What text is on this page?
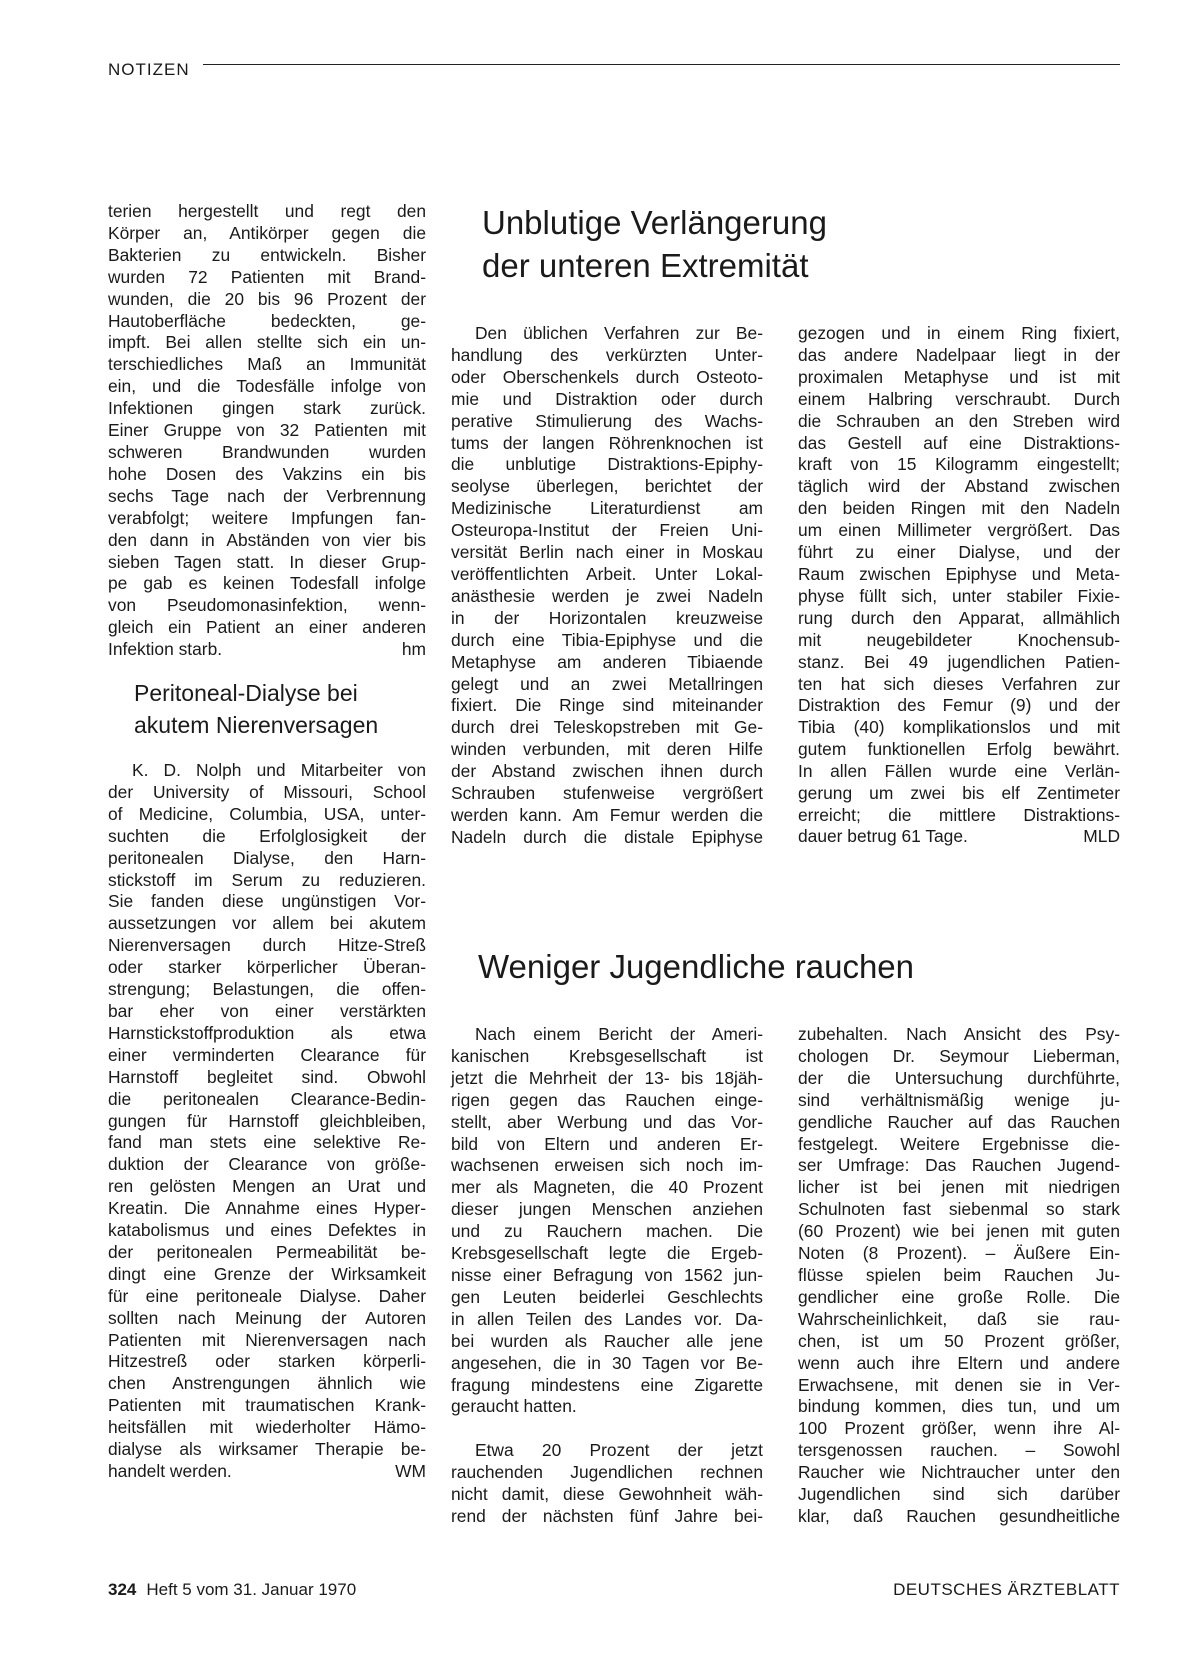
NOTIZEN

terien hergestellt und regt den

Körper an, Antikörper gegen die

Bakterien zu entwickeln. Bisher

wurden 72 Patienten mit Brand-

wunden, die 20 bis 96 Prozent der

Hautoberfläche bedeckten, ge-

impft. Bei allen stellte sich ein un-

terschiedliches Maß an Immunität

ein, und die Todesfälle infolge von

Infektionen gingen stark zurück.

Einer Gruppe von 32 Patienten mit

schweren Brandwunden wurden

hohe Dosen des Vakzins ein bis

sechs Tage nach der Verbrennung

verabfolgt; weitere Impfungen fan-

den dann in Abständen von vier bis

sieben Tagen statt. In dieser Grup-

pe gab es keinen Todesfall infolge

von Pseudomonasinfektion, wenn-

gleich ein Patient an einer anderen

Infektion starb.	hm
Peritoneal-Dialyse bei
akutem Nierenversagen

K. D. Nolph und Mitarbeiter von

der University of Missouri, School

of Medicine, Columbia, USA, unter-

suchten die Erfolglosigkeit der

peritonealen Dialyse, den Harn-

stickstoff im Serum zu reduzieren.

Sie fanden diese ungünstigen Vor-

aussetzungen vor allem bei akutem

Nierenversagen durch Hitze-Streß

oder starker körperlicher Überan-

strengung; Belastungen, die offen-

bar eher von einer verstärkten

Harnstickstoffproduktion als etwa

einer verminderten Clearance für

Harnstoff begleitet sind. Obwohl

die peritonealen Clearance-Bedin-

gungen für Harnstoff gleichbleiben,

fand man stets eine selektive Re-

duktion der Clearance von größe-

ren gelösten Mengen an Urat und

Kreatin. Die Annahme eines Hyper-

katabolismus und eines Defektes in

der peritonealen Permeabilität be-

dingt eine Grenze der Wirksamkeit

für eine peritoneale Dialyse. Daher

sollten nach Meinung der Autoren

Patienten mit Nierenversagen nach

Hitzestreß oder starken körperli-

chen Anstrengungen ähnlich wie

Patienten mit traumatischen Krank-

heitsfällen mit wiederholter Hämo-

dialyse als wirksamer Therapie be-

handelt werden.	WM
Unblutige Verlängerung
der unteren Extremität

Den üblichen Verfahren zur Be-

handlung des verkürzten Unter-

oder Oberschenkels durch Osteoto-

mie und Distraktion oder durch

perative Stimulierung des Wachs-

tums der langen Röhrenknochen ist

die unblutige Distraktions-Epiphy-

seolyse überlegen, berichtet der

Medizinische Literaturdienst am

Osteuropa-Institut der Freien Uni-

versität Berlin nach einer in Moskau

veröffentlichten Arbeit. Unter Lokal-

anästhesie werden je zwei Nadeln

in der Horizontalen kreuzweise

durch eine Tibia-Epiphyse und die

Metaphyse am anderen Tibiaende

gelegt und an zwei Metallringen

fixiert. Die Ringe sind miteinander

durch drei Teleskopstreben mit Ge-

winden verbunden, mit deren Hilfe

der Abstand zwischen ihnen durch

Schrauben stufenweise vergrößert

werden kann. Am Femur werden die

Nadeln durch die distale Epiphyse

gezogen und in einem Ring fixiert,

das andere Nadelpaar liegt in der

proximalen Metaphyse und ist mit

einem Halbring verschraubt. Durch

die Schrauben an den Streben wird

das Gestell auf eine Distraktions-

kraft von 15 Kilogramm eingestellt;

täglich wird der Abstand zwischen

den beiden Ringen mit den Nadeln

um einen Millimeter vergrößert. Das

führt zu einer Dialyse, und der

Raum zwischen Epiphyse und Meta-

physe füllt sich, unter stabiler Fixie-

rung durch den Apparat, allmählich

mit neugebildeter Knochensub-

stanz. Bei 49 jugendlichen Patien-

ten hat sich dieses Verfahren zur

Distraktion des Femur (9) und der

Tibia (40) komplikationslos und mit

gutem funktionellen Erfolg bewährt.

In allen Fällen wurde eine Verlän-

gerung um zwei bis elf Zentimeter

erreicht; die mittlere Distraktions-

dauer betrug 61 Tage.	MLD
Weniger Jugendliche rauchen

Nach einem Bericht der Ameri-

kanischen Krebsgesellschaft ist

jetzt die Mehrheit der 13- bis 18jäh-

rigen gegen das Rauchen einge-

stellt, aber Werbung und das Vor-

bild von Eltern und anderen Er-

wachsenen erweisen sich noch im-

mer als Magneten, die 40 Prozent

dieser jungen Menschen anziehen

und zu Rauchern machen. Die

Krebsgesellschaft legte die Ergeb-

nisse einer Befragung von 1562 jun-

gen Leuten beiderlei Geschlechts

in allen Teilen des Landes vor. Da-

bei wurden als Raucher alle jene

angesehen, die in 30 Tagen vor Be-

fragung mindestens eine Zigarette

geraucht hatten.

Etwa 20 Prozent der jetzt

rauchenden Jugendlichen rechnen

nicht damit, diese Gewohnheit wäh-

rend der nächsten fünf Jahre bei-

zubehalten. Nach Ansicht des Psy-

chologen Dr. Seymour Lieberman,

der die Untersuchung durchführte,

sind verhältnismäßig wenige ju-

gendliche Raucher auf das Rauchen

festgelegt. Weitere Ergebnisse die-

ser Umfrage: Das Rauchen Jugend-

licher ist bei jenen mit niedrigen

Schulnoten fast siebenmal so stark

(60 Prozent) wie bei jenen mit guten

Noten (8 Prozent). – Äußere Ein-

flüsse spielen beim Rauchen Ju-

gendlicher eine große Rolle. Die

Wahrscheinlichkeit, daß sie rau-

chen, ist um 50 Prozent größer,

wenn auch ihre Eltern und andere

Erwachsene, mit denen sie in Ver-

bindung kommen, dies tun, und um

100 Prozent größer, wenn ihre Al-

tersgenossen rauchen. – Sowohl

Raucher wie Nichtraucher unter den

Jugendlichen sind sich darüber

klar, daß Rauchen gesundheitliche

324 Heft 5 vom 31. Januar 1970	DEUTSCHES ÄRZTEBLATT
